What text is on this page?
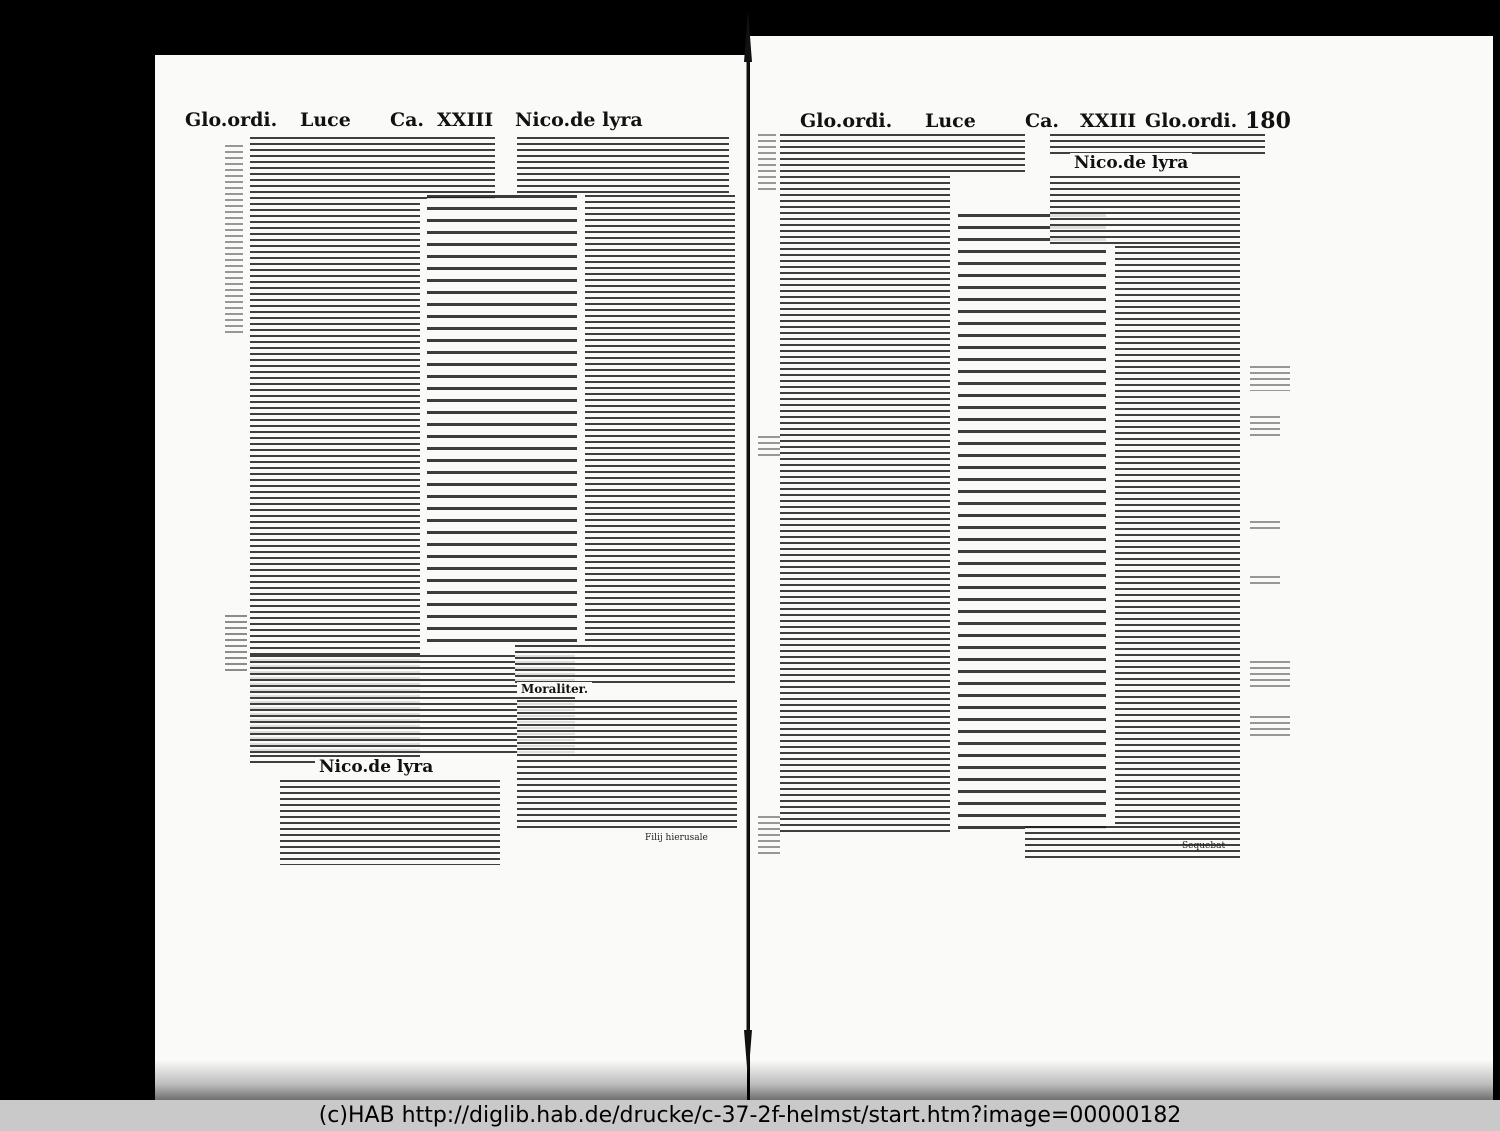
Glo.ordi. Luce Ca. XXIII Nico.de lyra
Nico.de lyra
Moraliter.
Filij hierusale
Glo.ordi. Luce	Ca. XXIII Glo.ordi. 180
Nico.de lyra
Sequebat
(c)HAB http://diglib.hab.de/drucke/c-37-2f-helmst/start.htm?image=00000182
